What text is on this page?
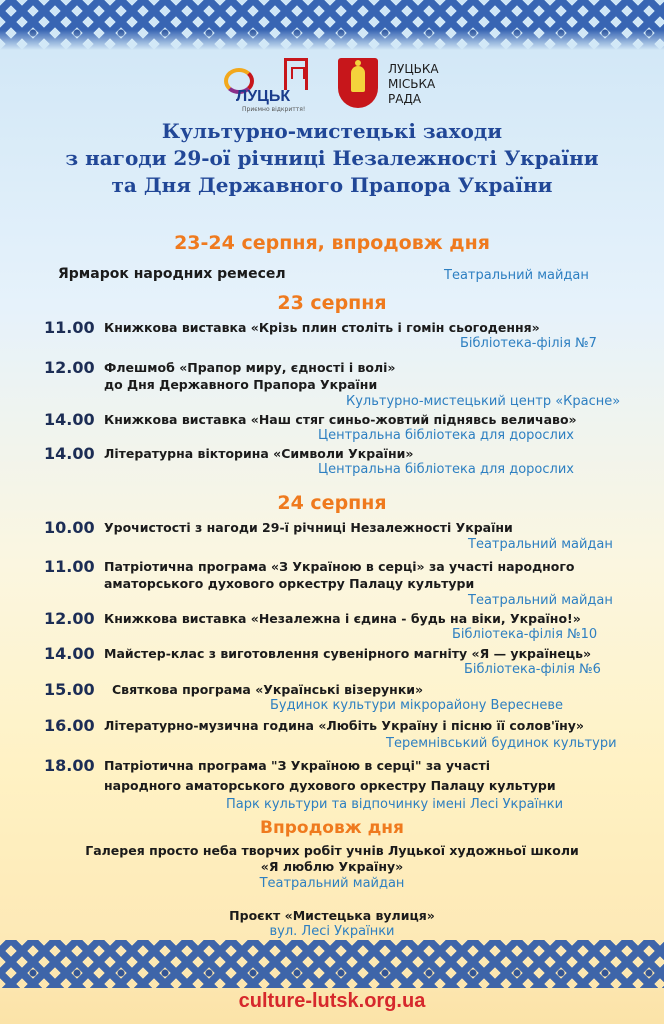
ЛУЦЬК
Приємно відкриття!
ЛУЦЬКА
МІСЬКА
РАДА
Культурно-мистецькі заходи
з нагоди 29-ої річниці Незалежності України
та Дня Державного Прапора України
23-24 серпня, впродовж дня
Ярмарок народних ремесел	Театральний майдан
23 серпня
11.00 Книжкова виставка «Крізь плин століть і гомін сьогодення»
Бібліотека-філія №7
12.00 Флешмоб «Прапор миру, єдності і волі»
до Дня Державного Прапора України
Культурно-мистецький центр «Красне»
14.00 Книжкова виставка «Наш стяг синьо-жовтий піднявсь величаво»
Центральна бібліотека для дорослих
14.00 Літературна вікторина «Символи України»
Центральна бібліотека для дорослих
24 серпня
10.00 Урочистості з нагоди 29-ї річниці Незалежності України
Театральний майдан
11.00 Патріотична програма «З Україною в серці» за участі народного
аматорського духового оркестру Палацу культури
Театральний майдан
12.00 Книжкова виставка «Незалежна і єдина - будь на віки, Україно!»
Бібліотека-філія №10
14.00 Майстер-клас з виготовлення сувенірного магніту «Я — українець»
Бібліотека-філія №6
15.00 Святкова програма «Українські візерунки»
Будинок культури мікрорайону Вересневе
16.00 Літературно-музична година «Любіть Україну і пісню її солов'їну»
Теремнівський будинок культури
18.00 Патріотична програма "З Україною в серці" за участі
народного аматорського духового оркестру Палацу культури
Парк культури та відпочинку імені Лесі Українки
Впродовж дня
Галерея просто неба творчих робіт учнів Луцької художньої школи
«Я люблю Україну»
Театральний майдан
Проєкт «Мистецька вулиця»
вул. Лесі Українки
culture-lutsk.org.ua
